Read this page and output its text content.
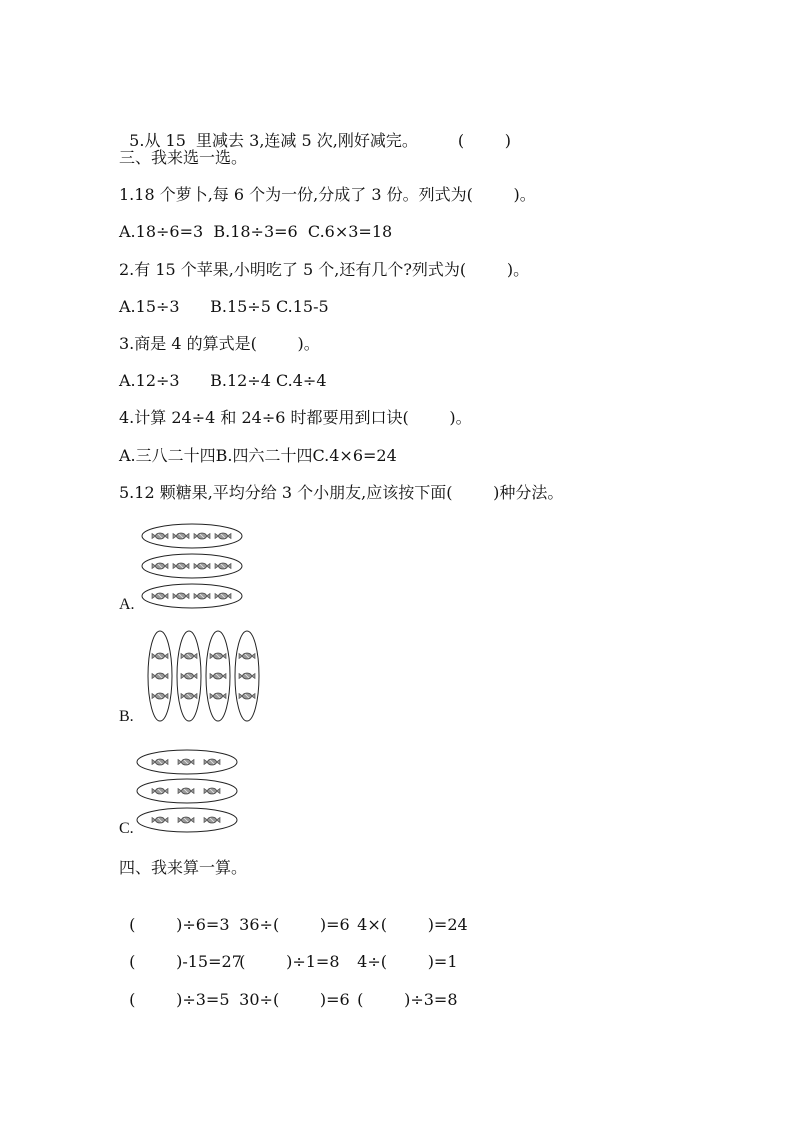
5.从 15  里减去 3,连减 5 次,刚好减完。	(        )

三、我来选一选。
1.18 个萝卜,每 6 个为一份,分成了 3 份。列式为(        )。
A.18÷6=3  B.18÷3=6  C.6×3=18
2.有 15 个苹果,小明吃了 5 个,还有几个?列式为(        )。
A.15÷3      B.15÷5 C.15-5
3.商是 4 的算式是(        )。
A.12÷3      B.12÷4 C.4÷4
4.计算 24÷4 和 24÷6 时都要用到口诀(        )。
A.三八二十四B.四六二十四C.4×6=24
5.12 颗糖果,平均分给 3 个小朋友,应该按下面(        )种分法。
A.
B.
C.
四、我来算一算。

(        )÷6=3 36÷(        )=6 4×(        )=24

(        )-15=27(        )÷1=8 4÷(        )=1

(        )÷3=5 30÷(        )=6 (        )÷3=8
